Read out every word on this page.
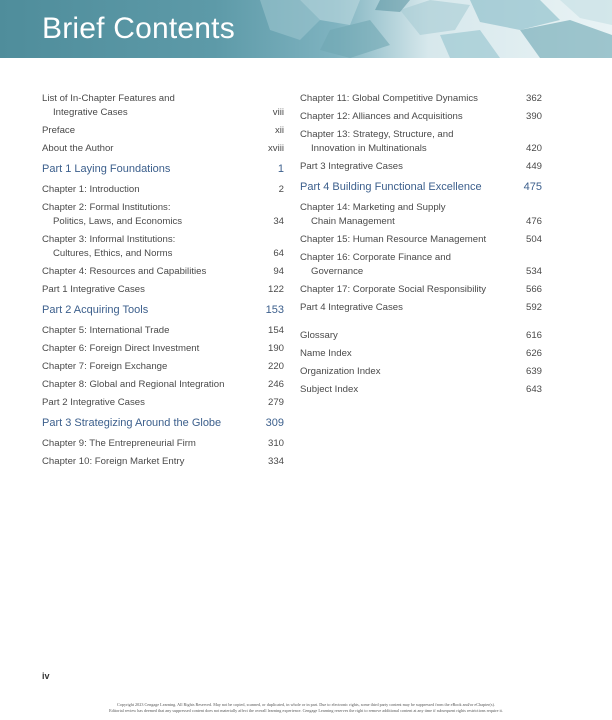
Brief Contents
List of In-Chapter Features and
Integrative Cases	viii
Preface	xii
About the Author	xviii
Part 1 Laying Foundations	1
Chapter 1: Introduction	2
Chapter 2: Formal Institutions:
Politics, Laws, and Economics	34
Chapter 3: Informal Institutions:
Cultures, Ethics, and Norms	64
Chapter 4: Resources and Capabilities	94
Part 1 Integrative Cases	122
Part 2 Acquiring Tools	153
Chapter 5: International Trade	154
Chapter 6: Foreign Direct Investment	190
Chapter 7: Foreign Exchange	220
Chapter 8: Global and Regional Integration	246
Part 2 Integrative Cases	279
Part 3 Strategizing Around the Globe	309
Chapter 9: The Entrepreneurial Firm	310
Chapter 10: Foreign Market Entry	334
Chapter 11: Global Competitive Dynamics	362
Chapter 12: Alliances and Acquisitions	390
Chapter 13: Strategy, Structure, and
Innovation in Multinationals	420
Part 3 Integrative Cases	449
Part 4 Building Functional Excellence	475
Chapter 14: Marketing and Supply
Chain Management	476
Chapter 15: Human Resource Management	504
Chapter 16: Corporate Finance and
Governance	534
Chapter 17: Corporate Social Responsibility	566
Part 4 Integrative Cases	592
Glossary	616
Name Index	626
Organization Index	639
Subject Index	643
iv
Copyright 2023 Cengage Learning. All Rights Reserved. May not be copied, scanned, or duplicated, in whole or in part. Due to electronic rights, some third party content may be suppressed from the eBook and/or eChapter(s).
Editorial review has deemed that any suppressed content does not materially affect the overall learning experience. Cengage Learning reserves the right to remove additional content at any time if subsequent rights restrictions require it.
